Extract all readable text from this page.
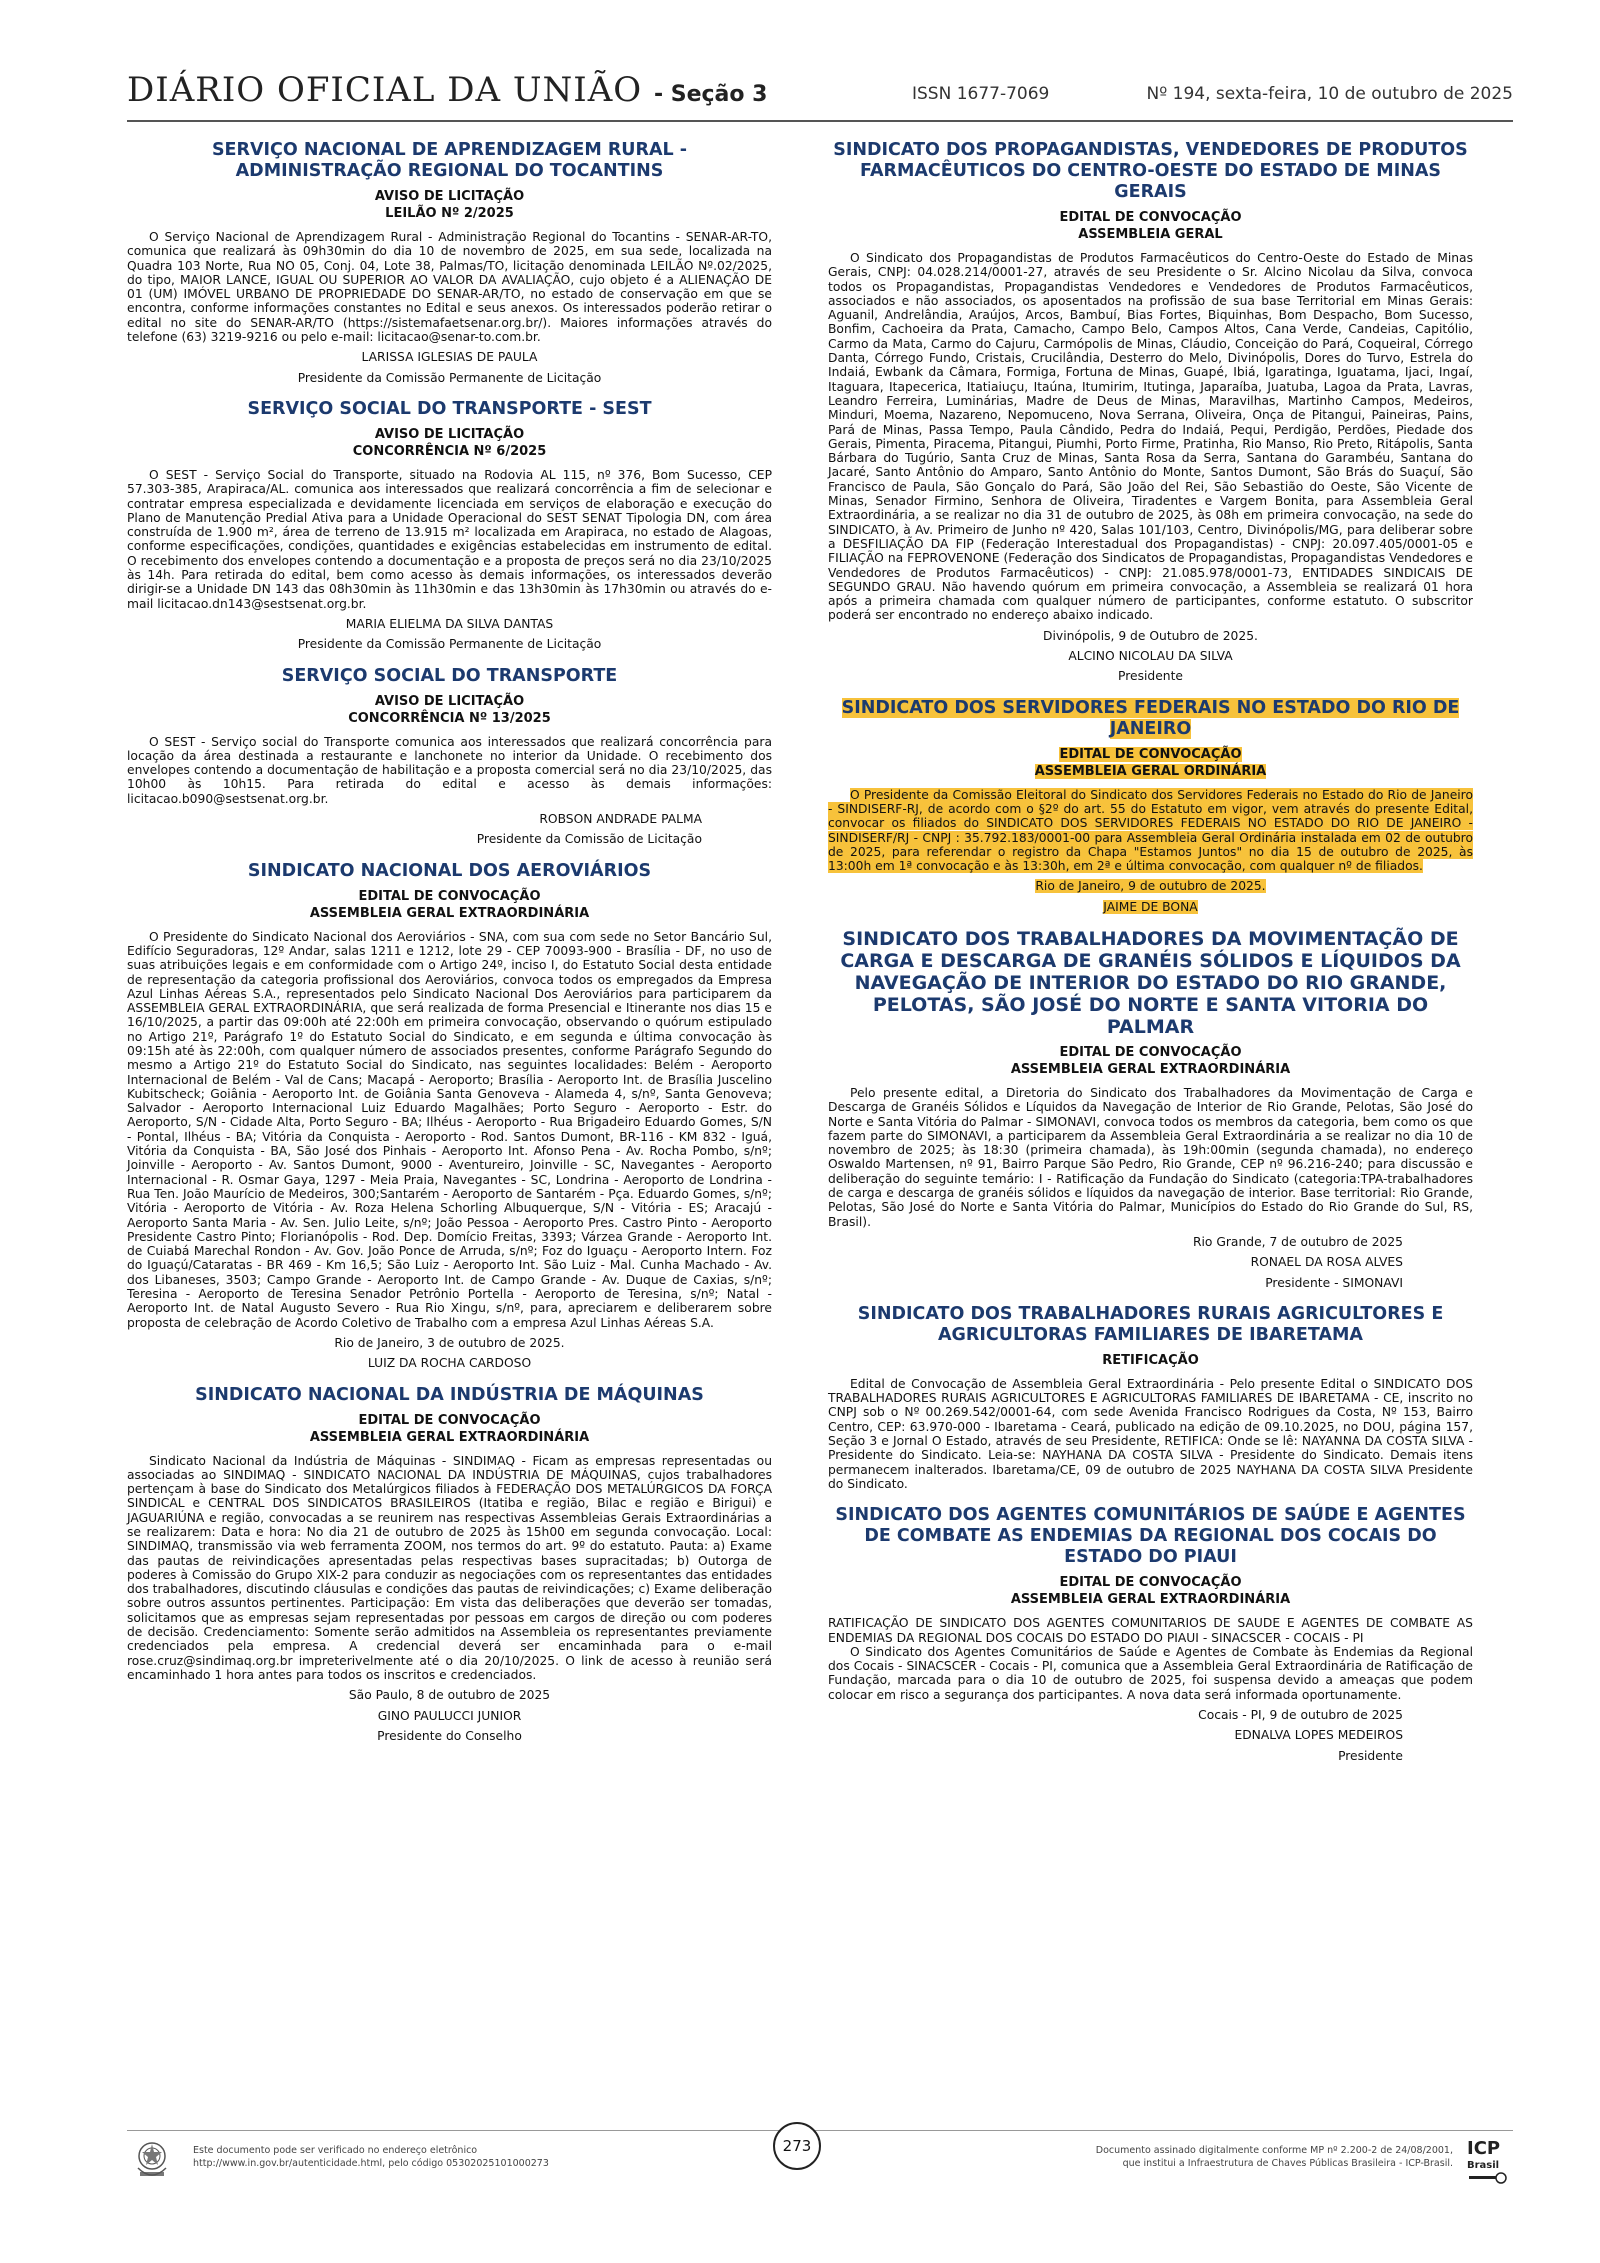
DIÁRIO OFICIAL DA UNIÃO - Seção 3	ISSN 1677-7069	Nº 194, sexta-feira, 10 de outubro de 2025
SERVIÇO NACIONAL DE APRENDIZAGEM RURAL - ADMINISTRAÇÃO REGIONAL DO TOCANTINS
AVISO DE LICITAÇÃO
LEILÃO Nº 2/2025
O Serviço Nacional de Aprendizagem Rural - Administração Regional do Tocantins - SENAR-AR-TO, comunica que realizará às 09h30min do dia 10 de novembro de 2025, em sua sede, localizada na Quadra 103 Norte, Rua NO 05, Conj. 04, Lote 38, Palmas/TO, licitação denominada LEILÃO Nº.02/2025, do tipo, MAIOR LANCE, IGUAL OU SUPERIOR AO VALOR DA AVALIAÇÃO, cujo objeto é a ALIENAÇÃO DE 01 (UM) IMÓVEL URBANO DE PROPRIEDADE DO SENAR-AR/TO, no estado de conservação em que se encontra, conforme informações constantes no Edital e seus anexos. Os interessados poderão retirar o edital no site do SENAR-AR/TO (https://sistemafaetsenar.org.br/). Maiores informações através do telefone (63) 3219-9216 ou pelo e-mail: licitacao@senar-to.com.br.
LARISSA IGLESIAS DE PAULA
Presidente da Comissão Permanente de Licitação
SERVIÇO SOCIAL DO TRANSPORTE - SEST
AVISO DE LICITAÇÃO
CONCORRÊNCIA Nº 6/2025
O SEST - Serviço Social do Transporte, situado na Rodovia AL 115, nº 376, Bom Sucesso, CEP 57.303-385, Arapiraca/AL. comunica aos interessados que realizará concorrência a fim de selecionar e contratar empresa especializada e devidamente licenciada em serviços de elaboração e execução do Plano de Manutenção Predial Ativa para a Unidade Operacional do SEST SENAT Tipologia DN, com área construída de 1.900 m², área de terreno de 13.915 m² localizada em Arapiraca, no estado de Alagoas, conforme especificações, condições, quantidades e exigências estabelecidas em instrumento de edital. O recebimento dos envelopes contendo a documentação e a proposta de preços será no dia 23/10/2025 às 14h. Para retirada do edital, bem como acesso às demais informações, os interessados deverão dirigir-se a Unidade DN 143 das 08h30min às 11h30min e das 13h30min às 17h30min ou através do e-mail licitacao.dn143@sestsenat.org.br.
MARIA ELIELMA DA SILVA DANTAS
Presidente da Comissão Permanente de Licitação
SERVIÇO SOCIAL DO TRANSPORTE
AVISO DE LICITAÇÃO
CONCORRÊNCIA Nº 13/2025
O SEST - Serviço social do Transporte comunica aos interessados que realizará concorrência para locação da área destinada a restaurante e lanchonete no interior da Unidade. O recebimento dos envelopes contendo a documentação de habilitação e a proposta comercial será no dia 23/10/2025, das 10h00 às 10h15. Para retirada do edital e acesso às demais informações: licitacao.b090@sestsenat.org.br.
ROBSON ANDRADE PALMA
Presidente da Comissão de Licitação
SINDICATO NACIONAL DOS AEROVIÁRIOS
EDITAL DE CONVOCAÇÃO
ASSEMBLEIA GERAL EXTRAORDINÁRIA
O Presidente do Sindicato Nacional dos Aeroviários - SNA, com sua com sede no Setor Bancário Sul, Edifício Seguradoras, 12º Andar, salas 1211 e 1212, lote 29 - CEP 70093-900 - Brasília - DF, no uso de suas atribuições legais e em conformidade com o Artigo 24º, inciso I, do Estatuto Social desta entidade de representação da categoria profissional dos Aeroviários, convoca todos os empregados da Empresa Azul Linhas Aéreas S.A., representados pelo Sindicato Nacional Dos Aeroviários para participarem da ASSEMBLEIA GERAL EXTRAORDINÁRIA, que será realizada de forma Presencial e Itinerante nos dias 15 e 16/10/2025, a partir das 09:00h até 22:00h em primeira convocação, observando o quórum estipulado no Artigo 21º, Parágrafo 1º do Estatuto Social do Sindicato, e em segunda e última convocação às 09:15h até às 22:00h, com qualquer número de associados presentes, conforme Parágrafo Segundo do mesmo a Artigo 21º do Estatuto Social do Sindicato, nas seguintes localidades: Belém - Aeroporto Internacional de Belém - Val de Cans; Macapá - Aeroporto; Brasília - Aeroporto Int. de Brasília Juscelino Kubitscheck; Goiânia - Aeroporto Int. de Goiânia Santa Genoveva - Alameda 4, s/nº, Santa Genoveva; Salvador - Aeroporto Internacional Luiz Eduardo Magalhães; Porto Seguro - Aeroporto - Estr. do Aeroporto, S/N - Cidade Alta, Porto Seguro - BA; Ilhéus - Aeroporto - Rua Brigadeiro Eduardo Gomes, S/N - Pontal, Ilhéus - BA; Vitória da Conquista - Aeroporto - Rod. Santos Dumont, BR-116 - KM 832 - Iguá, Vitória da Conquista - BA, São José dos Pinhais - Aeroporto Int. Afonso Pena - Av. Rocha Pombo, s/nº; Joinville - Aeroporto - Av. Santos Dumont, 9000 - Aventureiro, Joinville - SC, Navegantes - Aeroporto Internacional - R. Osmar Gaya, 1297 - Meia Praia, Navegantes - SC, Londrina - Aeroporto de Londrina - Rua Ten. João Maurício de Medeiros, 300;Santarém - Aeroporto de Santarém - Pça. Eduardo Gomes, s/nº; Vitória - Aeroporto de Vitória - Av. Roza Helena Schorling Albuquerque, S/N - Vitória - ES; Aracajú - Aeroporto Santa Maria - Av. Sen. Julio Leite, s/nº; João Pessoa - Aeroporto Pres. Castro Pinto - Aeroporto Presidente Castro Pinto; Florianópolis - Rod. Dep. Domício Freitas, 3393; Várzea Grande - Aeroporto Int. de Cuiabá Marechal Rondon - Av. Gov. João Ponce de Arruda, s/nº; Foz do Iguaçu - Aeroporto Intern. Foz do Iguaçú/Cataratas - BR 469 - Km 16,5; São Luiz - Aeroporto Int. São Luiz - Mal. Cunha Machado - Av. dos Libaneses, 3503; Campo Grande - Aeroporto Int. de Campo Grande - Av. Duque de Caxias, s/nº; Teresina - Aeroporto de Teresina Senador Petrônio Portella - Aeroporto de Teresina, s/nº; Natal - Aeroporto Int. de Natal Augusto Severo - Rua Rio Xingu, s/nº, para, apreciarem e deliberarem sobre proposta de celebração de Acordo Coletivo de Trabalho com a empresa Azul Linhas Aéreas S.A.
Rio de Janeiro, 3 de outubro de 2025.
LUIZ DA ROCHA CARDOSO
SINDICATO NACIONAL DA INDÚSTRIA DE MÁQUINAS
EDITAL DE CONVOCAÇÃO
ASSEMBLEIA GERAL EXTRAORDINÁRIA
Sindicato Nacional da Indústria de Máquinas - SINDIMAQ - Ficam as empresas representadas ou associadas ao SINDIMAQ - SINDICATO NACIONAL DA INDÚSTRIA DE MÁQUINAS, cujos trabalhadores pertençam à base do Sindicato dos Metalúrgicos filiados à FEDERAÇÃO DOS METALÚRGICOS DA FORÇA SINDICAL e CENTRAL DOS SINDICATOS BRASILEIROS (Itatiba e região, Bilac e região e Birigui) e JAGUARIÚNA e região, convocadas a se reunirem nas respectivas Assembleias Gerais Extraordinárias a se realizarem: Data e hora: No dia 21 de outubro de 2025 às 15h00 em segunda convocação. Local: SINDIMAQ, transmissão via web ferramenta ZOOM, nos termos do art. 9º do estatuto. Pauta: a) Exame das pautas de reivindicações apresentadas pelas respectivas bases supracitadas; b) Outorga de poderes à Comissão do Grupo XIX-2 para conduzir as negociações com os representantes das entidades dos trabalhadores, discutindo cláusulas e condições das pautas de reivindicações; c) Exame deliberação sobre outros assuntos pertinentes. Participação: Em vista das deliberações que deverão ser tomadas, solicitamos que as empresas sejam representadas por pessoas em cargos de direção ou com poderes de decisão. Credenciamento: Somente serão admitidos na Assembleia os representantes previamente credenciados pela empresa. A credencial deverá ser encaminhada para o e-mail rose.cruz@sindimaq.org.br impreterivelmente até o dia 20/10/2025. O link de acesso à reunião será encaminhado 1 hora antes para todos os inscritos e credenciados.
São Paulo, 8 de outubro de 2025
GINO PAULUCCI JUNIOR
Presidente do Conselho
SINDICATO DOS PROPAGANDISTAS, VENDEDORES DE PRODUTOS FARMACÊUTICOS DO CENTRO-OESTE DO ESTADO DE MINAS GERAIS
EDITAL DE CONVOCAÇÃO
ASSEMBLEIA GERAL
O Sindicato dos Propagandistas de Produtos Farmacêuticos do Centro-Oeste do Estado de Minas Gerais, CNPJ: 04.028.214/0001-27, através de seu Presidente o Sr. Alcino Nicolau da Silva, convoca todos os Propagandistas, Propagandistas Vendedores e Vendedores de Produtos Farmacêuticos, associados e não associados, os aposentados na profissão de sua base Territorial em Minas Gerais: Aguanil, Andrelândia, Araújos, Arcos, Bambuí, Bias Fortes, Biquinhas, Bom Despacho, Bom Sucesso, Bonfim, Cachoeira da Prata, Camacho, Campo Belo, Campos Altos, Cana Verde, Candeias, Capitólio, Carmo da Mata, Carmo do Cajuru, Carmópolis de Minas, Cláudio, Conceição do Pará, Coqueiral, Córrego Danta, Córrego Fundo, Cristais, Crucilândia, Desterro do Melo, Divinópolis, Dores do Turvo, Estrela do Indaiá, Ewbank da Câmara, Formiga, Fortuna de Minas, Guapé, Ibiá, Igaratinga, Iguatama, Ijaci, Ingaí, Itaguara, Itapecerica, Itatiaiuçu, Itaúna, Itumirim, Itutinga, Japaraíba, Juatuba, Lagoa da Prata, Lavras, Leandro Ferreira, Luminárias, Madre de Deus de Minas, Maravilhas, Martinho Campos, Medeiros, Minduri, Moema, Nazareno, Nepomuceno, Nova Serrana, Oliveira, Onça de Pitangui, Paineiras, Pains, Pará de Minas, Passa Tempo, Paula Cândido, Pedra do Indaiá, Pequi, Perdigão, Perdões, Piedade dos Gerais, Pimenta, Piracema, Pitangui, Piumhi, Porto Firme, Pratinha, Rio Manso, Rio Preto, Ritápolis, Santa Bárbara do Tugúrio, Santa Cruz de Minas, Santa Rosa da Serra, Santana do Garambéu, Santana do Jacaré, Santo Antônio do Amparo, Santo Antônio do Monte, Santos Dumont, São Brás do Suaçuí, São Francisco de Paula, São Gonçalo do Pará, São João del Rei, São Sebastião do Oeste, São Vicente de Minas, Senador Firmino, Senhora de Oliveira, Tiradentes e Vargem Bonita, para Assembleia Geral Extraordinária, a se realizar no dia 31 de outubro de 2025, às 08h em primeira convocação, na sede do SINDICATO, à Av. Primeiro de Junho nº 420, Salas 101/103, Centro, Divinópolis/MG, para deliberar sobre a DESFILIAÇÃO DA FIP (Federação Interestadual dos Propagandistas) - CNPJ: 20.097.405/0001-05 e FILIAÇÃO na FEPROVENONE (Federação dos Sindicatos de Propagandistas, Propagandistas Vendedores e Vendedores de Produtos Farmacêuticos) - CNPJ: 21.085.978/0001-73, ENTIDADES SINDICAIS DE SEGUNDO GRAU. Não havendo quórum em primeira convocação, a Assembleia se realizará 01 hora após a primeira chamada com qualquer número de participantes, conforme estatuto. O subscritor poderá ser encontrado no endereço abaixo indicado.
Divinópolis, 9 de Outubro de 2025.
ALCINO NICOLAU DA SILVA
Presidente
SINDICATO DOS SERVIDORES FEDERAIS NO ESTADO DO RIO DE JANEIRO
EDITAL DE CONVOCAÇÃO
ASSEMBLEIA GERAL ORDINÁRIA
O Presidente da Comissão Eleitoral do Sindicato dos Servidores Federais no Estado do Rio de Janeiro - SINDISERF-RJ, de acordo com o §2º do art. 55 do Estatuto em vigor, vem através do presente Edital, convocar os filiados do SINDICATO DOS SERVIDORES FEDERAIS NO ESTADO DO RIO DE JANEIRO - SINDISERF/RJ - CNPJ : 35.792.183/0001-00 para Assembleia Geral Ordinária instalada em 02 de outubro de 2025, para referendar o registro da Chapa "Estamos Juntos" no dia 15 de outubro de 2025, às 13:00h em 1ª convocação e às 13:30h, em 2ª e última convocação, com qualquer nº de filiados.
Rio de Janeiro, 9 de outubro de 2025.
JAIME DE BONA
SINDICATO DOS TRABALHADORES DA MOVIMENTAÇÃO DE CARGA E DESCARGA DE GRANÉIS SÓLIDOS E LÍQUIDOS DA NAVEGAÇÃO DE INTERIOR DO ESTADO DO RIO GRANDE, PELOTAS, SÃO JOSÉ DO NORTE E SANTA VITORIA DO PALMAR
EDITAL DE CONVOCAÇÃO
ASSEMBLEIA GERAL EXTRAORDINÁRIA
Pelo presente edital, a Diretoria do Sindicato dos Trabalhadores da Movimentação de Carga e Descarga de Granéis Sólidos e Líquidos da Navegação de Interior de Rio Grande, Pelotas, São José do Norte e Santa Vitória do Palmar - SIMONAVI, convoca todos os membros da categoria, bem como os que fazem parte do SIMONAVI, a participarem da Assembleia Geral Extraordinária a se realizar no dia 10 de novembro de 2025; às 18:30 (primeira chamada), às 19h:00min (segunda chamada), no endereço Oswaldo Martensen, nº 91, Bairro Parque São Pedro, Rio Grande, CEP nº 96.216-240; para discussão e deliberação do seguinte temário: I - Ratificação da Fundação do Sindicato (categoria:TPA-trabalhadores de carga e descarga de granéis sólidos e líquidos da navegação de interior. Base territorial: Rio Grande, Pelotas, São José do Norte e Santa Vitória do Palmar, Municípios do Estado do Rio Grande do Sul, RS, Brasil).
Rio Grande, 7 de outubro de 2025
RONAEL DA ROSA ALVES
Presidente - SIMONAVI
SINDICATO DOS TRABALHADORES RURAIS AGRICULTORES E AGRICULTORAS FAMILIARES DE IBARETAMA
RETIFICAÇÃO
Edital de Convocação de Assembleia Geral Extraordinária - Pelo presente Edital o SINDICATO DOS TRABALHADORES RURAIS AGRICULTORES E AGRICULTORAS FAMILIARES DE IBARETAMA - CE, inscrito no CNPJ sob o Nº 00.269.542/0001-64, com sede Avenida Francisco Rodrigues da Costa, Nº 153, Bairro Centro, CEP: 63.970-000 - Ibaretama - Ceará, publicado na edição de 09.10.2025, no DOU, página 157, Seção 3 e Jornal O Estado, através de seu Presidente, RETIFICA: Onde se lê: NAYANNA DA COSTA SILVA - Presidente do Sindicato. Leia-se: NAYHANA DA COSTA SILVA - Presidente do Sindicato. Demais itens permanecem inalterados. Ibaretama/CE, 09 de outubro de 2025 NAYHANA DA COSTA SILVA Presidente do Sindicato.
SINDICATO DOS AGENTES COMUNITÁRIOS DE SAÚDE E AGENTES DE COMBATE AS ENDEMIAS DA REGIONAL DOS COCAIS DO ESTADO DO PIAUI
EDITAL DE CONVOCAÇÃO
ASSEMBLEIA GERAL EXTRAORDINÁRIA
RATIFICAÇÃO DE SINDICATO DOS AGENTES COMUNITARIOS DE SAUDE E AGENTES DE COMBATE AS ENDEMIAS DA REGIONAL DOS COCAIS DO ESTADO DO PIAUI - SINACSCER - COCAIS - PI
O Sindicato dos Agentes Comunitários de Saúde e Agentes de Combate às Endemias da Regional dos Cocais - SINACSCER - Cocais - PI, comunica que a Assembleia Geral Extraordinária de Ratificação de Fundação, marcada para o dia 10 de outubro de 2025, foi suspensa devido a ameaças que podem colocar em risco a segurança dos participantes. A nova data será informada oportunamente.
Cocais - PI, 9 de outubro de 2025
EDNALVA LOPES MEDEIROS
Presidente
Este documento pode ser verificado no endereço eletrônico
http://www.in.gov.br/autenticidade.html, pelo código 05302025101000273
273	Documento assinado digitalmente conforme MP nº 2.200-2 de 24/08/2001,
que institui a Infraestrutura de Chaves Públicas Brasileira - ICP-Brasil.
ICP
Brasil
